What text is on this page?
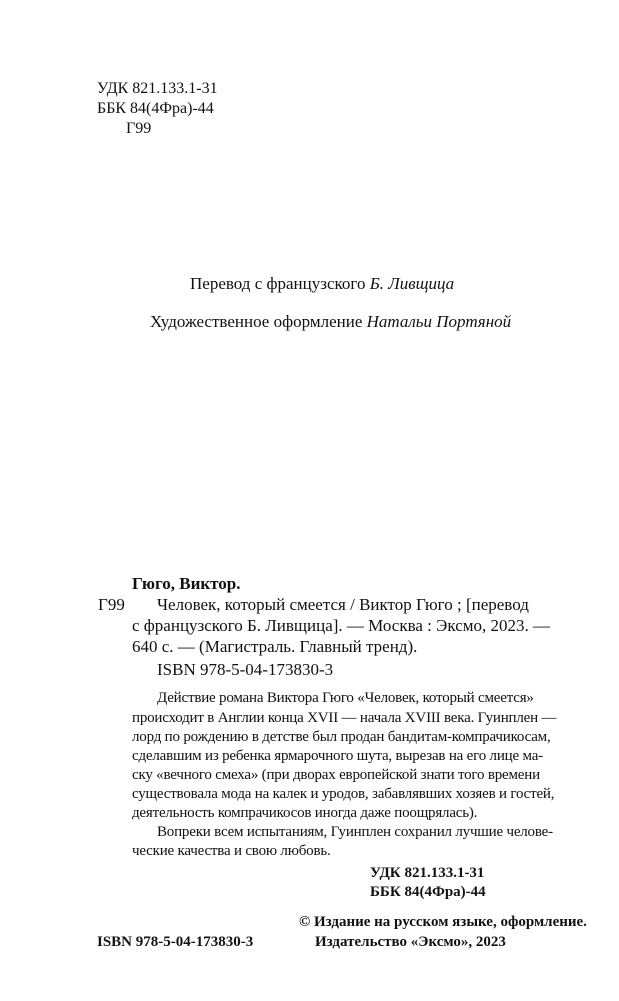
УДК 821.133.1-31
ББК 84(4Фра)-44
Г99
Перевод с французского Б. Ливщица
Художественное оформление Натальи Портяной
Гюго, Виктор.
Г99 Человек, который смеется / Виктор Гюго ; [перевод
с французского Б. Ливщица]. — Москва : Эксмо, 2023. —
640 с. — (Магистраль. Главный тренд).
ISBN 978-5-04-173830-3
Действие романа Виктора Гюго «Человек, который смеется»
происходит в Англии конца XVII — начала XVIII века. Гуинплен —
лорд по рождению в детстве был продан бандитам-компрачикосам,
сделавшим из ребенка ярмарочного шута, вырезав на его лице ма-
ску «вечного смеха» (при дворах европейской знати того времени
существовала мода на калек и уродов, забавлявших хозяев и гостей,
деятельность компрачикосов иногда даже поощрялась).
Вопреки всем испытаниям, Гуинплен сохранил лучшие челове-
ческие качества и свою любовь.
УДК 821.133.1-31
ББК 84(4Фра)-44
© Издание на русском языке, оформление.
Издательство «Эксмо», 2023
ISBN 978-5-04-173830-3
